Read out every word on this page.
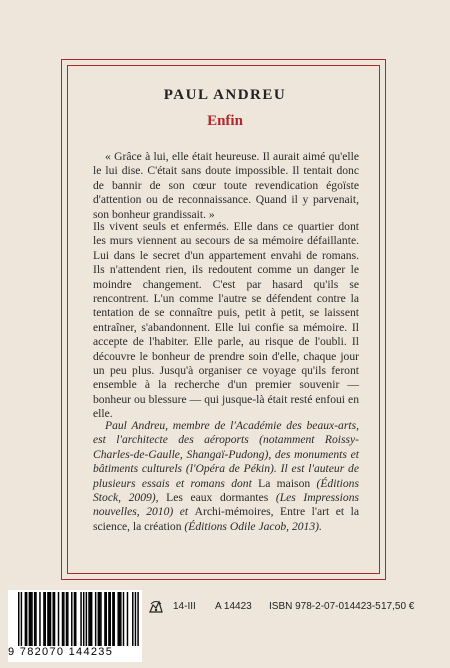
PAUL ANDREU
Enfin
« Grâce à lui, elle était heureuse. Il aurait aimé qu'elle le lui dise. C'était sans doute impossible. Il tentait donc de bannir de son cœur toute revendication égoïste d'attention ou de reconnaissance. Quand il y parvenait, son bonheur grandissait. »
Ils vivent seuls et enfermés. Elle dans ce quartier dont les murs viennent au secours de sa mémoire défaillante. Lui dans le secret d'un appartement envahi de romans. Ils n'attendent rien, ils redoutent comme un danger le moindre changement. C'est par hasard qu'ils se rencontrent. L'un comme l'autre se défendent contre la tentation de se connaître puis, petit à petit, se laissent entraîner, s'abandonnent. Elle lui confie sa mémoire. Il accepte de l'habiter. Elle parle, au risque de l'oubli. Il découvre le bonheur de prendre soin d'elle, chaque jour un peu plus. Jusqu'à organiser ce voyage qu'ils feront ensemble à la recherche d'un premier souvenir — bonheur ou blessure — qui jusque-là était resté enfoui en elle.
Paul Andreu, membre de l'Académie des beaux-arts, est l'architecte des aéroports (notamment Roissy-Charles-de-Gaulle, Shangaï-Pudong), des monuments et bâtiments culturels (l'Opéra de Pékin). Il est l'auteur de plusieurs essais et romans dont La maison (Éditions Stock, 2009), Les eaux dormantes (Les Impressions nouvelles, 2010) et Archi-mémoires, Entre l'art et la science, la création (Éditions Odile Jacob, 2013).
14-III A 14423 ISBN 978-2-07-014423-5 17,50 €
9 782070 144235
